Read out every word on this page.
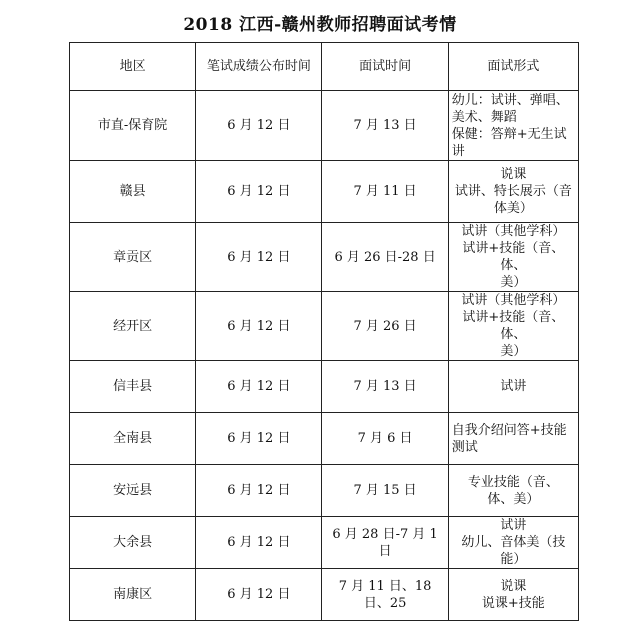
2018 江西-赣州教师招聘面试考情
地区	笔试成绩公布时间	面试时间	面试形式
市直-保育院	6 月 12 日	7 月 13 日	幼儿：试讲、弹唱、
美术、舞蹈
保健：答辩+无生试
讲

赣县	6 月 12 日	7 月 11 日	说课
试讲、特长展示（音
体美）

章贡区	6 月 12 日	6 月 26 日-28 日	试讲（其他学科）
试讲+技能（音、体、
美）

经开区	6 月 12 日	7 月 26 日	试讲（其他学科）
试讲+技能（音、体、
美）

信丰县	6 月 12 日	7 月 13 日	试讲

全南县	6 月 12 日	7 月 6 日	自我介绍问答+技能
测试

安远县	6 月 12 日	7 月 15 日	专业技能（音、
体、美）

大余县	6 月 12 日	6 月 28 日-7 月 1
日	试讲
幼儿、音体美（技能）

南康区	6 月 12 日	7 月 11 日、18
日、25	说课
说课+技能
